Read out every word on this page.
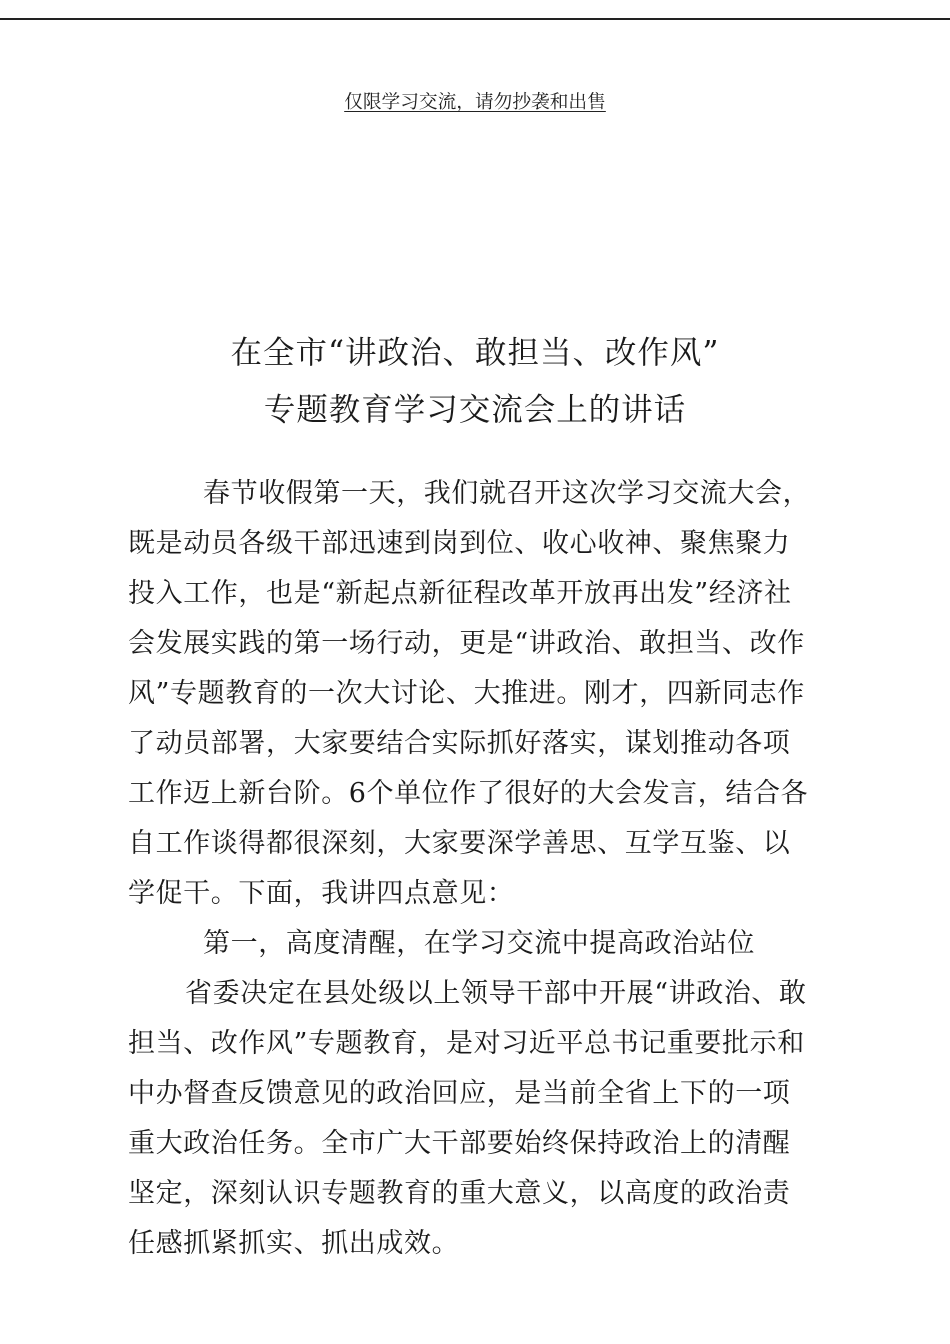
仅限学习交流，请勿抄袭和出售
在全市“讲政治、敢担当、改作风”
专题教育学习交流会上的讲话
春节收假第一天，我们就召开这次学习交流大会，
既是动员各级干部迅速到岗到位、收心收神、聚焦聚力
投入工作，也是“新起点新征程改革开放再出发”经济社
会发展实践的第一场行动，更是“讲政治、敢担当、改作
风”专题教育的一次大讨论、大推进。刚才，四新同志作
了动员部署，大家要结合实际抓好落实，谋划推动各项
工作迈上新台阶。6个单位作了很好的大会发言，结合各
自工作谈得都很深刻，大家要深学善思、互学互鉴、以
学促干。下面，我讲四点意见：
第一，高度清醒，在学习交流中提高政治站位
省委决定在县处级以上领导干部中开展“讲政治、敢
担当、改作风”专题教育，是对习近平总书记重要批示和
中办督查反馈意见的政治回应，是当前全省上下的一项
重大政治任务。全市广大干部要始终保持政治上的清醒
坚定，深刻认识专题教育的重大意义，以高度的政治责
任感抓紧抓实、抓出成效。
